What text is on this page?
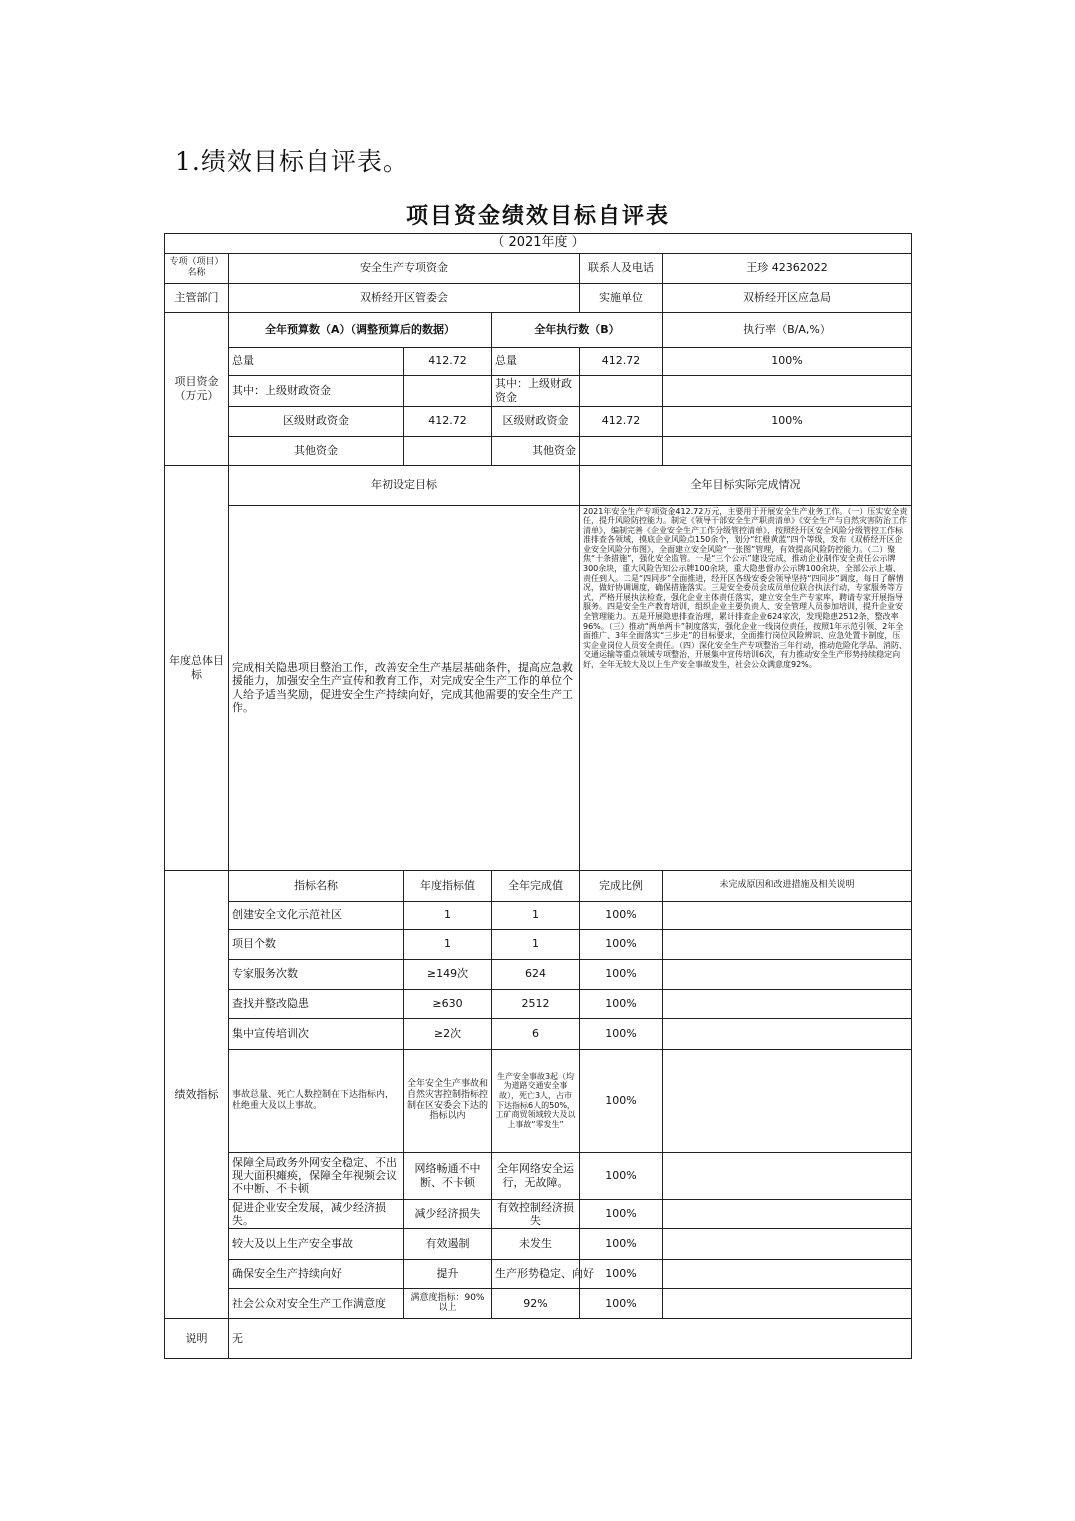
1.绩效目标自评表。
项目资金绩效目标自评表					
（ 2021年度 ）					
专项（项目）名称	安全生产专项资金			联系人及电话	王珍 42362022
主管部门	双桥经开区管委会			实施单位	双桥经开区应急局
项目资金（万元）	全年预算数（A）（调整预算后的数据）		全年执行数（B）		执行率（B/A,%）
	总量	412.72	总量	412.72	100%
	其中：上级财政资金		其中：上级财政资金		
	区级财政资金	412.72	区级财政资金	412.72	100%
	其他资金		其他资金		
年度总体目标	年初设定目标			全年目标实际完成情况	
	完成相关隐患项目整治工作，改善安全生产基层基础条件，提高应急救援能力，加强安全生产宣传和教育工作，对完成安全生产工作的单位个人给予适当奖励，促进安全生产持续向好，完成其他需要的安全生产工作。			2021年安全生产专项资金412.72万元，主要用于开展安全生产业务工作。（一）压实安全责任，提升风险防控能力。制定《领导干部安全生产职责清单》《安全生产与自然灾害防治工作清单》，编制完善《企业安全生产工作分级管控清单》，按照经开区安全风险分级管控工作标准排查各领域，摸底企业风险点150余个，划分“红橙黄蓝”四个等级，发布《双桥经开区企业安全风险分布图》，全面建立安全风险“一张图”管理，有效提高风险防控能力。（二）聚焦“十条措施”，强化安全监管。一是“三个公示”建设完成，推动企业制作安全责任公示牌300余块，重大风险告知公示牌100余块，重大隐患督办公示牌100余块，全部公示上墙、责任到人。二是“四同步”全面推进，经开区各级安委会领导坚持“四同步”调度，每日了解情况，做好协调调度，确保措施落实。三是安全委员会成员单位联合执法行动，专家服务等方式，严格开展执法检查，强化企业主体责任落实，建立安全生产专家库，聘请专家开展指导服务。四是安全生产教育培训，组织企业主要负责人、安全管理人员参加培训，提升企业安全管理能力。五是开展隐患排查治理，累计排查企业624家次，发现隐患2512条，整改率96%。（三）推动“两单两卡”制度落实，强化企业一线岗位责任，按照1年示范引领、2年全面推广、3年全面落实“三步走”的目标要求，全面推行岗位风险辨识、应急处置卡制度，压实企业岗位人员安全责任。（四）深化安全生产专项整治三年行动，推动危险化学品、消防、交通运输等重点领域专项整治，开展集中宣传培训6次，有力推动安全生产形势持续稳定向好，全年无较大及以上生产安全事故发生，社会公众满意度92%。	
绩效指标	指标名称	年度指标值	全年完成值	完成比例	未完成原因和改进措施及相关说明
	创建安全文化示范社区	1	1	100%	
	项目个数	1	1	100%	
	专家服务次数	≥149次	624	100%	
	查找并整改隐患	≥630	2512	100%	
	集中宣传培训次	≥2次	6	100%	
	事故总量、死亡人数控制在下达指标内，杜绝重大及以上事故。	全年安全生产事故和自然灾害控制指标控制在区安委会下达的指标以内	生产安全事故3起（均为道路交通安全事故），死亡3人，占市下达指标6人的50%，工矿商贸领域较大及以上事故“零发生”	100%	
	保障全局政务外网安全稳定、不出现大面积瘫痪，保障全年视频会议不中断、不卡顿	网络畅通不中断、不卡顿	全年网络安全运行，无故障。	100%	
	促进企业安全发展，减少经济损失。	减少经济损失	有效控制经济损失	100%	
	较大及以上生产安全事故	有效遏制	未发生	100%	
	确保安全生产持续向好	提升	生产形势稳定、向好	100%	
	社会公众对安全生产工作满意度	满意度指标：90%以上	92%	100%	
说明	无				
